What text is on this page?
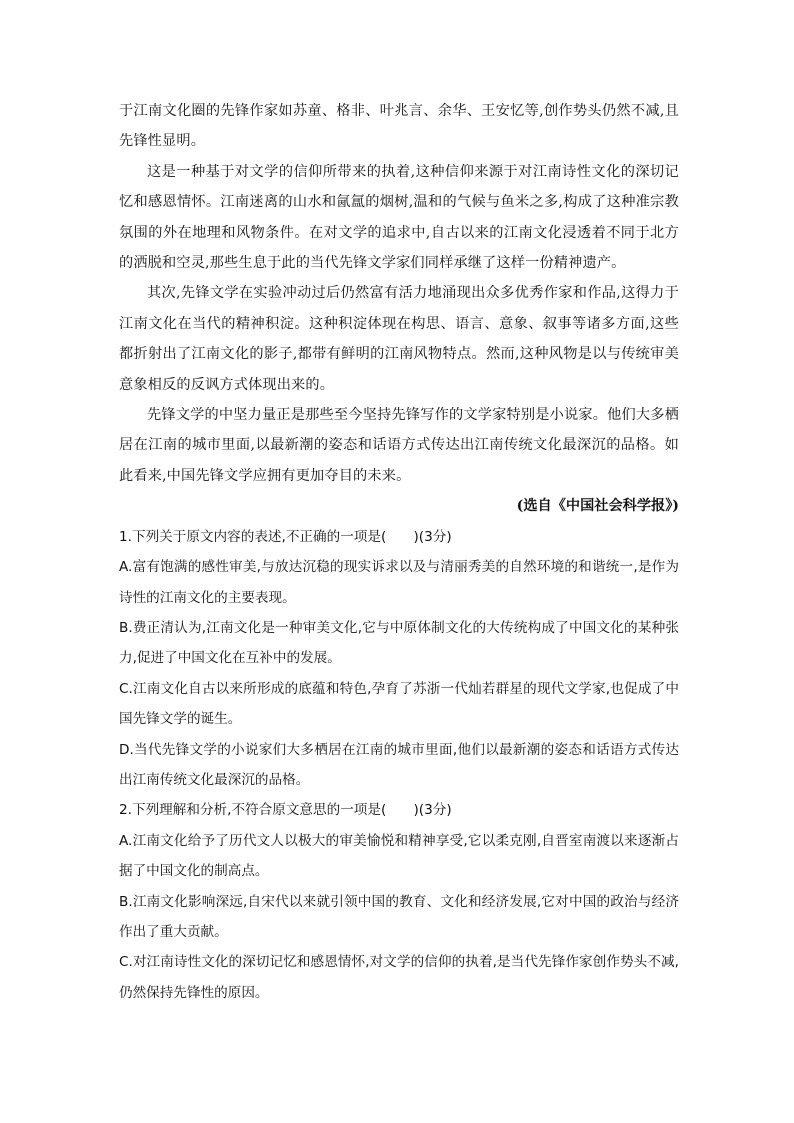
于江南文化圈的先锋作家如苏童、格非、叶兆言、余华、王安忆等,创作势头仍然不减,且先锋性显明。

这是一种基于对文学的信仰所带来的执着,这种信仰来源于对江南诗性文化的深切记忆和感恩情怀。江南迷离的山水和氤氲的烟树,温和的气候与鱼米之多,构成了这种准宗教氛围的外在地理和风物条件。在对文学的追求中,自古以来的江南文化浸透着不同于北方的洒脱和空灵,那些生息于此的当代先锋文学家们同样承继了这样一份精神遗产。

其次,先锋文学在实验冲动过后仍然富有活力地涌现出众多优秀作家和作品,这得力于江南文化在当代的精神积淀。这种积淀体现在构思、语言、意象、叙事等诸多方面,这些都折射出了江南文化的影子,都带有鲜明的江南风物特点。然而,这种风物是以与传统审美意象相反的反讽方式体现出来的。

先锋文学的中坚力量正是那些至今坚持先锋写作的文学家特别是小说家。他们大多栖居在江南的城市里面,以最新潮的姿态和话语方式传达出江南传统文化最深沉的品格。如此看来,中国先锋文学应拥有更加夺目的未来。

(选自《中国社会科学报》)

1.下列关于原文内容的表述,不正确的一项是(　　)(3分)

A.富有饱满的感性审美,与放达沉稳的现实诉求以及与清丽秀美的自然环境的和谐统一,是作为诗性的江南文化的主要表现。

B.费正清认为,江南文化是一种审美文化,它与中原体制文化的大传统构成了中国文化的某种张力,促进了中国文化在互补中的发展。

C.江南文化自古以来所形成的底蕴和特色,孕育了苏浙一代灿若群星的现代文学家,也促成了中国先锋文学的诞生。

D.当代先锋文学的小说家们大多栖居在江南的城市里面,他们以最新潮的姿态和话语方式传达出江南传统文化最深沉的品格。

2.下列理解和分析,不符合原文意思的一项是(　　)(3分)

A.江南文化给予了历代文人以极大的审美愉悦和精神享受,它以柔克刚,自晋室南渡以来逐渐占据了中国文化的制高点。

B.江南文化影响深远,自宋代以来就引领中国的教育、文化和经济发展,它对中国的政治与经济作出了重大贡献。

C.对江南诗性文化的深切记忆和感恩情怀,对文学的信仰的执着,是当代先锋作家创作势头不减,仍然保持先锋性的原因。
